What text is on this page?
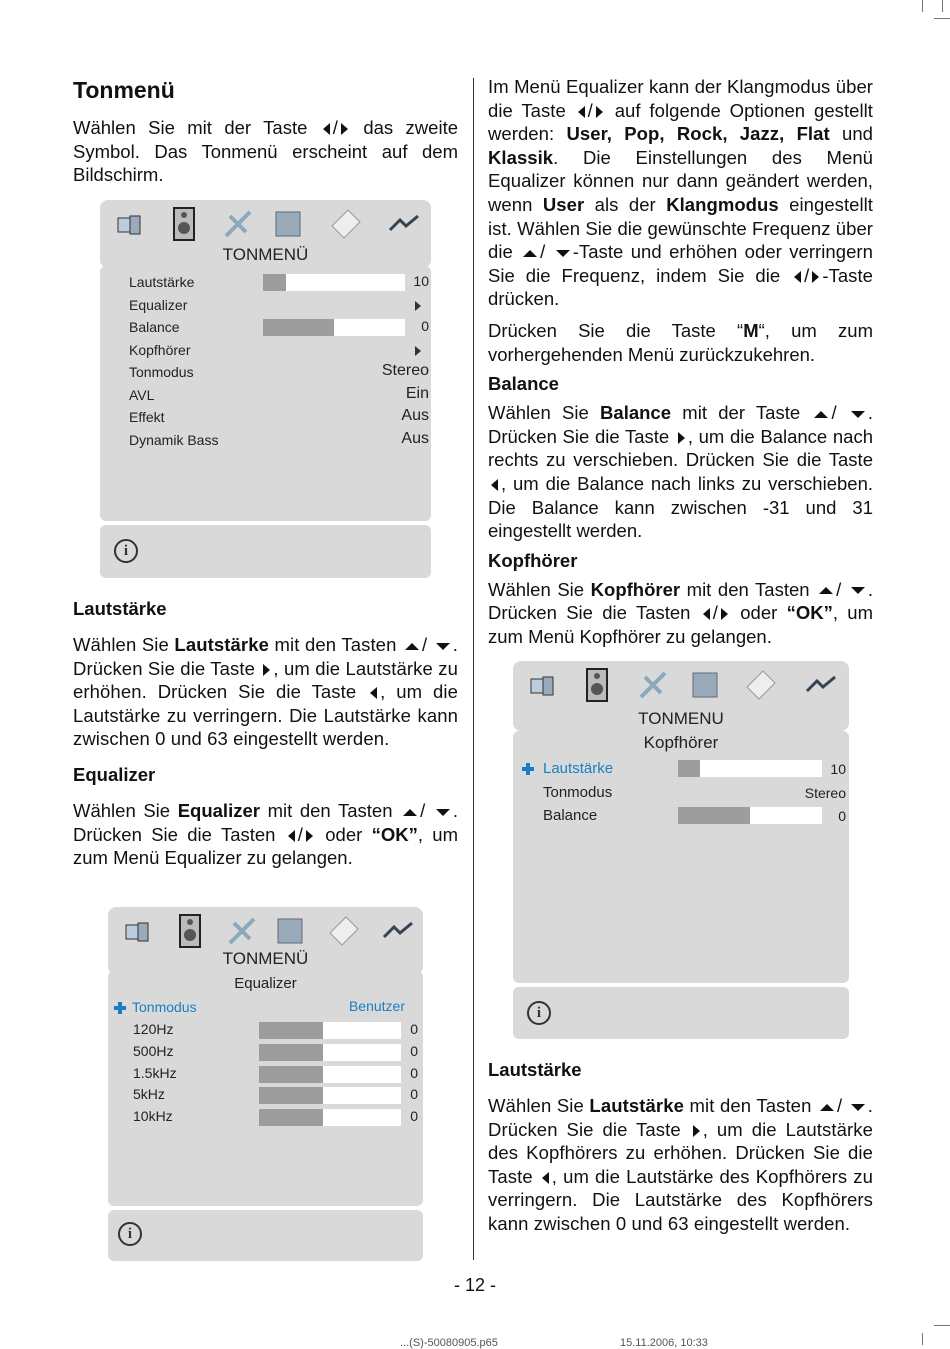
Tonmenü

Wählen Sie mit der Taste / das zweite Symbol. Das Tonmenü erscheint auf dem Bildschirm.

TONMENÜ
i
Lautstärke	10
Equalizer
Balance	0
Kopfhörer
Tonmodus	Stereo
AVL	Ein
Effekt	Aus
Dynamik Bass	Aus

Lautstärke

Wählen Sie Lautstärke mit den Tasten / . Drücken Sie die Taste , um die Lautstärke zu erhöhen. Drücken Sie die Taste , um die Lautstärke zu verringern. Die Lautstärke kann zwischen 0 und 63 eingestellt werden.

Equalizer

Wählen Sie Equalizer mit den Tasten / . Drücken Sie die Tasten / oder “OK”, um zum Menü Equalizer zu gelangen.

TONMENÜ
Equalizer
i
Tonmodus	Benutzer
120Hz	0
500Hz	0
1.5kHz	0
5kHz	0
10kHz	0

Im Menü Equalizer kann der Klangmodus über die Taste / auf folgende Optionen gestellt werden: User, Pop, Rock, Jazz, Flat und Klassik. Die Einstellungen des Menü Equalizer können nur dann geändert werden, wenn User als der Klangmodus eingestellt ist. Wählen Sie die gewünschte Frequenz über die / -Taste und erhöhen oder verringern Sie die Frequenz, indem Sie die / -Taste drücken.

Drücken Sie die Taste “M“, um zum vorhergehenden Menü zurückzukehren.

Balance

Wählen Sie Balance mit der Taste / . Drücken Sie die Taste , um die Balance nach rechts zu verschieben. Drücken Sie die Taste , um die Balance nach links zu verschieben. Die Balance kann zwischen -31 und 31 eingestellt werden.

Kopfhörer

Wählen Sie Kopfhörer mit den Tasten / . Drücken Sie die Tasten / oder “OK”, um zum Menü Kopfhörer zu gelangen.

TONMENU
Kopfhörer
i
Lautstärke	10
Tonmodus	Stereo
Balance	0

Lautstärke

Wählen Sie Lautstärke mit den Tasten / . Drücken Sie die Taste , um die Lautstärke des Kopfhörers zu erhöhen. Drücken Sie die Taste , um die Lautstärke des Kopfhörers zu verringern. Die Lautstärke des Kopfhörers kann zwischen 0 und 63 eingestellt werden.

- 12 -
...(S)-50080905.p65	15.11.2006, 10:33
